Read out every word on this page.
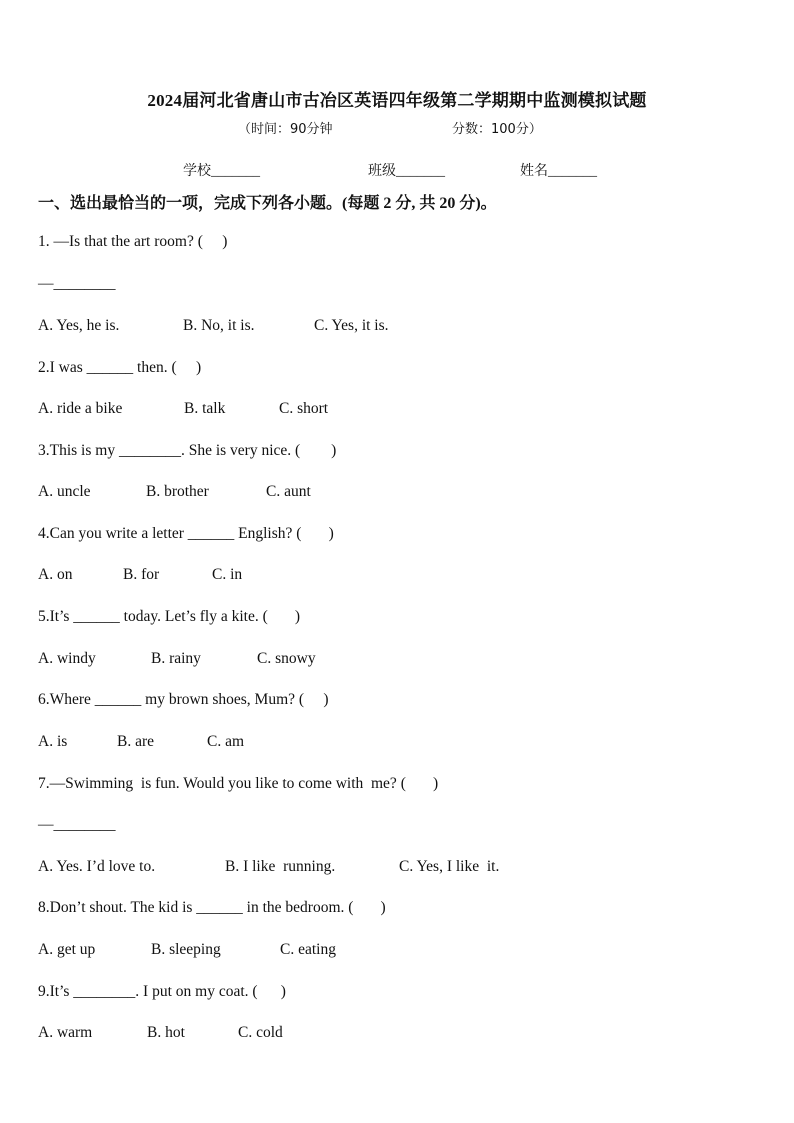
2024届河北省唐山市古冶区英语四年级第二学期期中监测模拟试题
（时间：90分钟	分数：100分）
学校_______	班级_______	姓名_______
一、选出最恰当的一项，完成下列各小题。(每题 2 分, 共 20 分)。
1. —Is that the art room? (     )
—________
A. Yes, he is.	B. No, it is.	C. Yes, it is.
2.I was ______ then. (     )
A. ride a bike	B. talk	C. short
3.This is my ________. She is very nice. (        )
A. uncle	B. brother	C. aunt
4.Can you write a letter ______ English? (       )
A. on	B. for	C. in
5.It’s ______ today. Let’s fly a kite. (       )
A. windy	B. rainy	C. snowy
6.Where ______ my brown shoes, Mum? (     )
A. is	B. are	C. am
7.—Swimming  is fun. Would you like to come with  me? (       )
—________
A. Yes. I’d love to.	B. I like  running.	C. Yes, I like  it.
8.Don’t shout. The kid is ______ in the bedroom. (       )
A. get up	B. sleeping	C. eating
9.It’s ________. I put on my coat. (      )
A. warm	B. hot	C. cold
